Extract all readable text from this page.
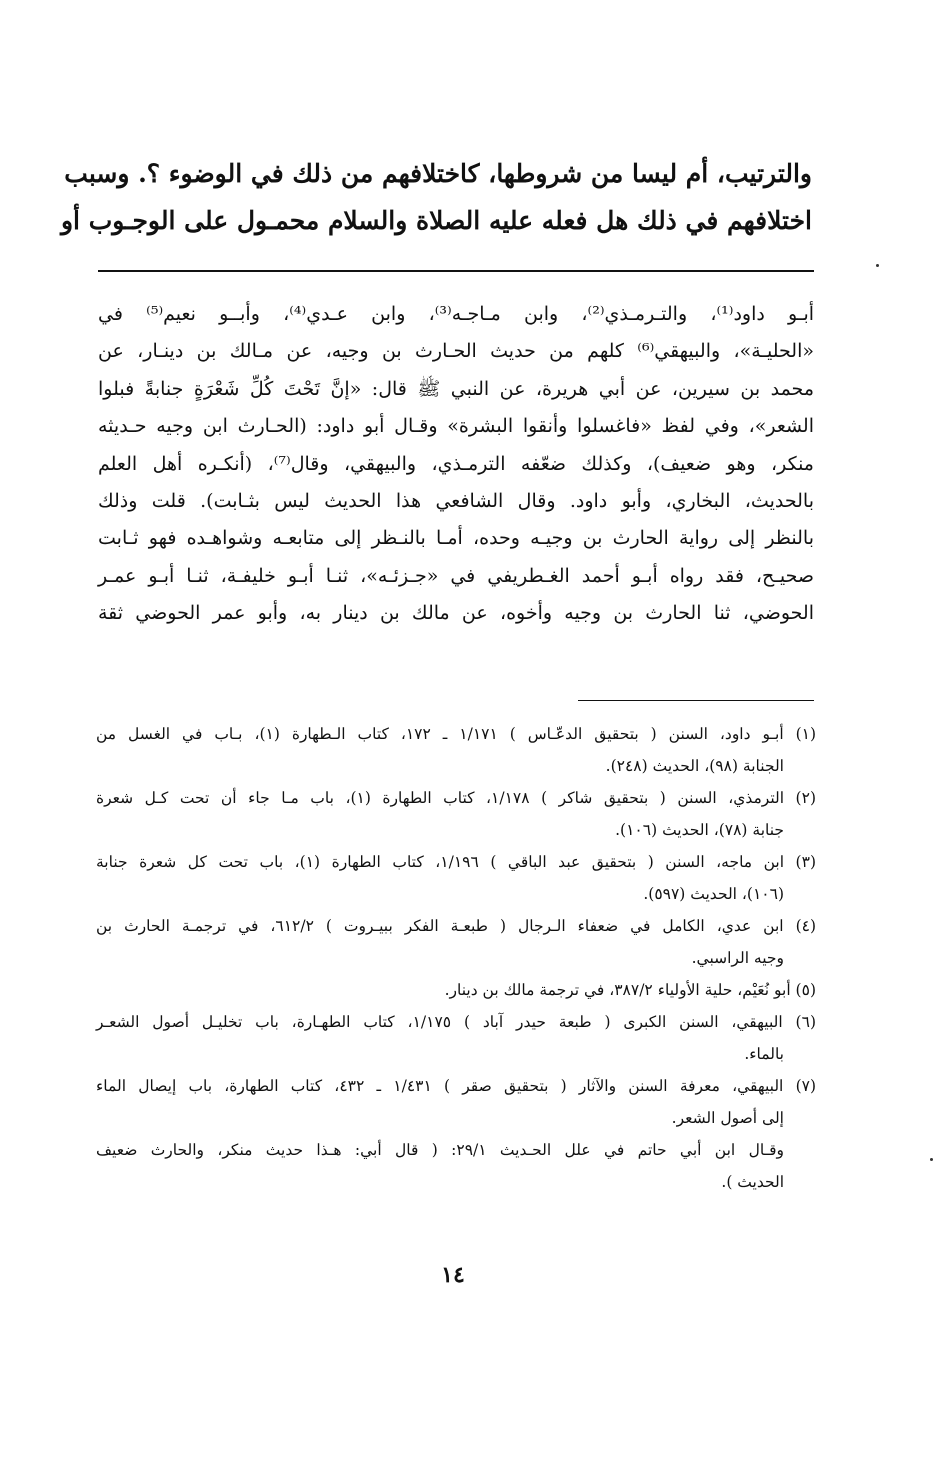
والترتيب، أم ليسا من شروطها، كاختلافهم من ذلك في الوضوء ؟. وسبب
اختلافهم في ذلك هل فعله عليه الصلاة والسلام محمـول على الوجـوب أو
أبـو داود⁽¹⁾، والتـرمـذي⁽²⁾، وابن مـاجـه⁽³⁾، وابن عـدي⁽⁴⁾، وأبــو نعيم⁽⁵⁾ في
«الحليـة»، والبيهقي⁽⁶⁾ كلهم من حديث الحـارث بن وجيه، عن مـالك بن دينـار، عن
محمد بن سيرين، عن أبي هريرة، عن النبي ﷺ قال: «إنَّ تَحْتَ كُلِّ شَعْرَةٍ جنابةً فبلوا
الشعر»، وفي لفظ «فاغسلوا وأنقوا البشرة» وقـال أبو داود: (الحـارث ابن وجيه حـديثه
منكر، وهو ضعيف)، وكذلك ضعّفه الترمـذي، والبيهقي، وقال⁽⁷⁾، (أنكـره أهل العلم
بالحديث، البخاري، وأبو داود. وقال الشافعي هذا الحديث ليس بثـابت). قلت وذلك
بالنظر إلى رواية الحارث بن وجيـه وحده، أمـا بالنـظر إلى متابعـه وشواهـده فهو ثـابت
صحيـح، فقد رواه أبـو أحمد الغـطريفي في «جـزئـه»، ثنـا أبـو خليفـة، ثنـا أبـو عمـر
الحوضي، ثنا الحارث بن وجيه وأخوه، عن مالك بن دينار به، وأبو عمر الحوضي ثقة
(١) أبـو داود، السنن ( بتحقيق الدعّـاس ) ١/١٧١ ـ ١٧٢، كتاب الـطهارة (١)، بـاب في الغسل من
الجنابة (٩٨)، الحديث (٢٤٨).
(٢) الترمذي، السنن ( بتحقيق شاكر ) ١/١٧٨، كتاب الطهارة (١)، باب مـا جاء أن تحت كـل شعرة
جنابة (٧٨)، الحديث (١٠٦).
(٣) ابن ماجه، السنن ( بتحقيق عبد الباقي ) ١/١٩٦، كتاب الطهارة (١)، باب تحت كل شعرة جنابة
(١٠٦)، الحديث (٥٩٧).
(٤) ابن عدي، الكامل في ضعفاء الـرجال ( طبعـة الفكر ببيـروت ) ٦١٢/٢، في ترجمـة الحارث بن
وجيه الراسبي.
(٥) أبو نُعَيْم، حلية الأولياء ٣٨٧/٢، في ترجمة مالك بن دينار.
(٦) البيهقي، السنن الكبرى ( طبعة حيدر آباد ) ١/١٧٥، كتاب الطهـارة، باب تخليـل أصول الشعـر
بالماء.
(٧) البيهقي، معرفة السنن والآثار ( بتحقيق صقر ) ١/٤٣١ ـ ٤٣٢، كتاب الطهارة، باب إيصال الماء
إلى أصول الشعر.
وقـال ابن أبي حاتم في علل الحـديث ٢٩/١: ( قال أبي: هـذا حديث منكر، والحارث ضعيف
الحديث ).
١٤
